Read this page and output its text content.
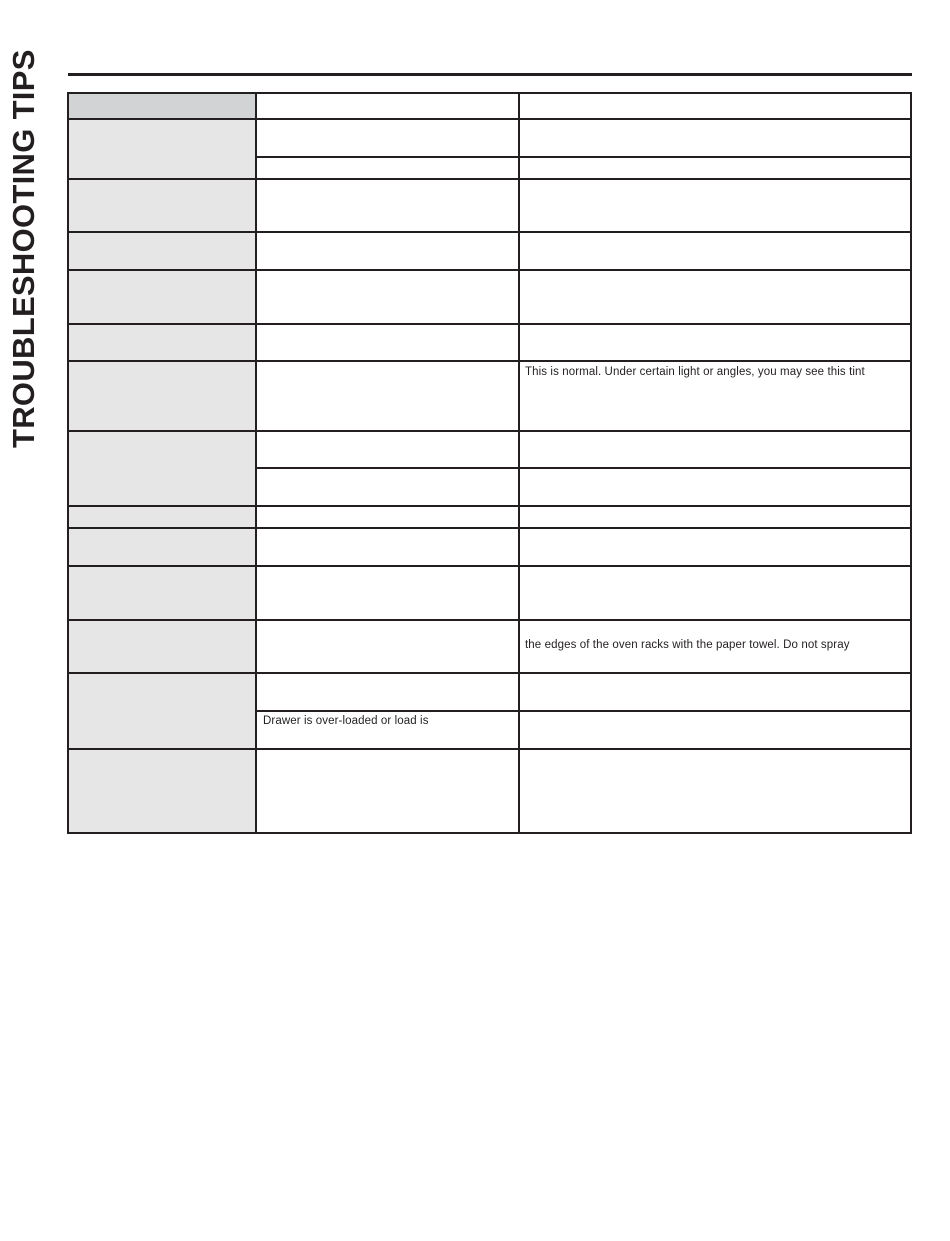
TROUBLESHOOTING TIPS	This is normal. Under certain light or angles, you may see this tint
the edges of the oven racks with the paper towel. Do not spray
Drawer is over-loaded or load is
